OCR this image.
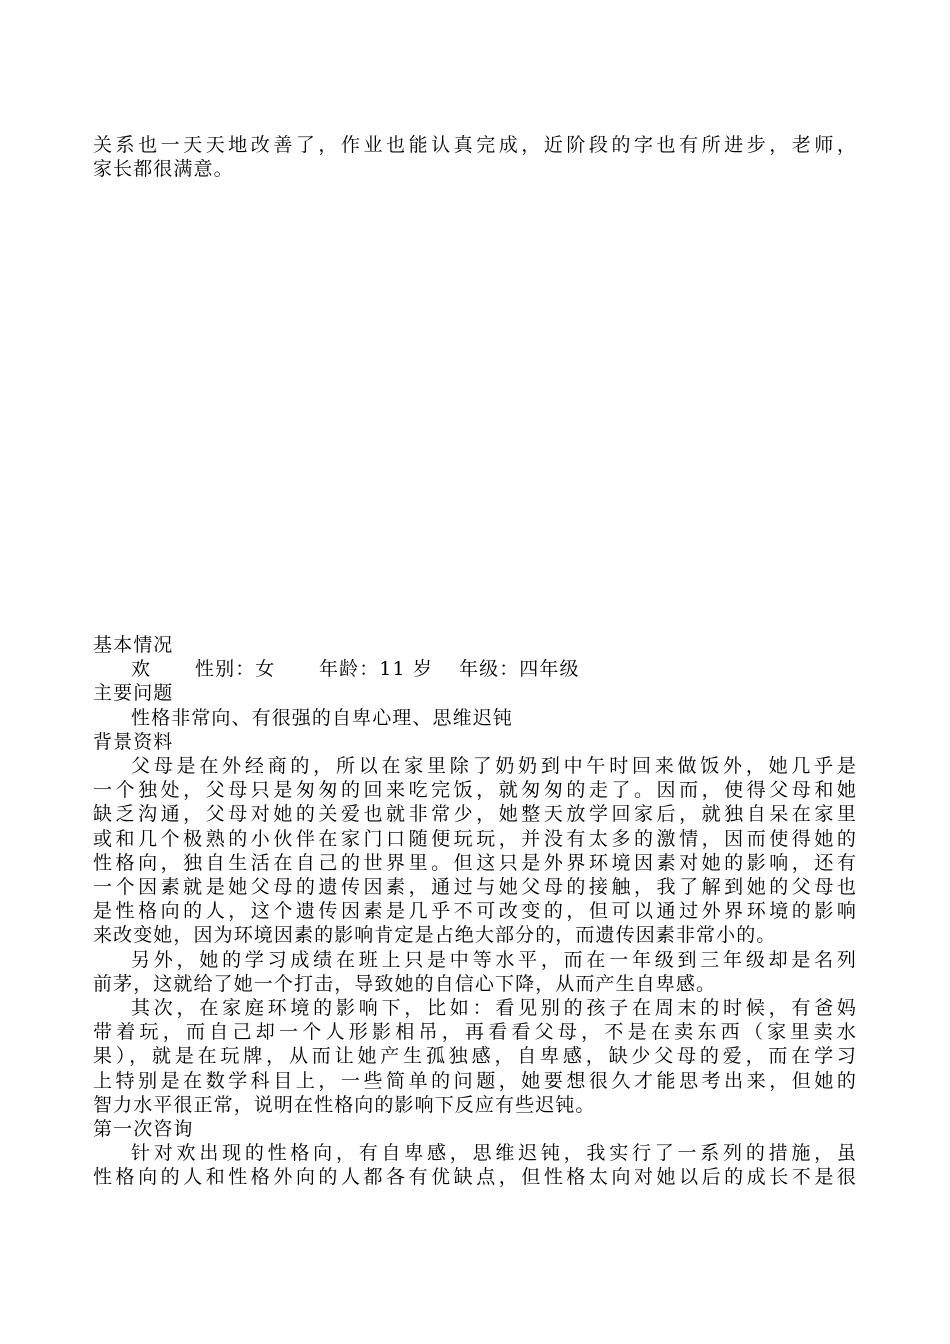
关系也一天天地改善了，作业也能认真完成，近阶段的字也有所进步，老师，
家长都很满意。
基本情况
欢 性别：女 年龄：11 岁 年级：四年级
主要问题
性格非常向、有很强的自卑心理、思维迟钝
背景资料
父母是在外经商的，所以在家里除了奶奶到中午时回来做饭外，她几乎是
一个独处，父母只是匆匆的回来吃完饭，就匆匆的走了。因而，使得父母和她
缺乏沟通，父母对她的关爱也就非常少，她整天放学回家后，就独自呆在家里
或和几个极熟的小伙伴在家门口随便玩玩，并没有太多的激情，因而使得她的
性格向，独自生活在自己的世界里。但这只是外界环境因素对她的影响，还有
一个因素就是她父母的遗传因素，通过与她父母的接触，我了解到她的父母也
是性格向的人，这个遗传因素是几乎不可改变的，但可以通过外界环境的影响
来改变她，因为环境因素的影响肯定是占绝大部分的，而遗传因素非常小的。
另外，她的学习成绩在班上只是中等水平，而在一年级到三年级却是名列
前茅，这就给了她一个打击，导致她的自信心下降，从而产生自卑感。
其次，在家庭环境的影响下，比如：看见别的孩子在周末的时候，有爸妈
带着玩，而自己却一个人形影相吊，再看看父母，不是在卖东西（家里卖水
果），就是在玩牌，从而让她产生孤独感，自卑感，缺少父母的爱，而在学习
上特别是在数学科目上，一些简单的问题，她要想很久才能思考出来，但她的
智力水平很正常，说明在性格向的影响下反应有些迟钝。
第一次咨询
针对欢出现的性格向，有自卑感，思维迟钝，我实行了一系列的措施，虽
性格向的人和性格外向的人都各有优缺点，但性格太向对她以后的成长不是很
